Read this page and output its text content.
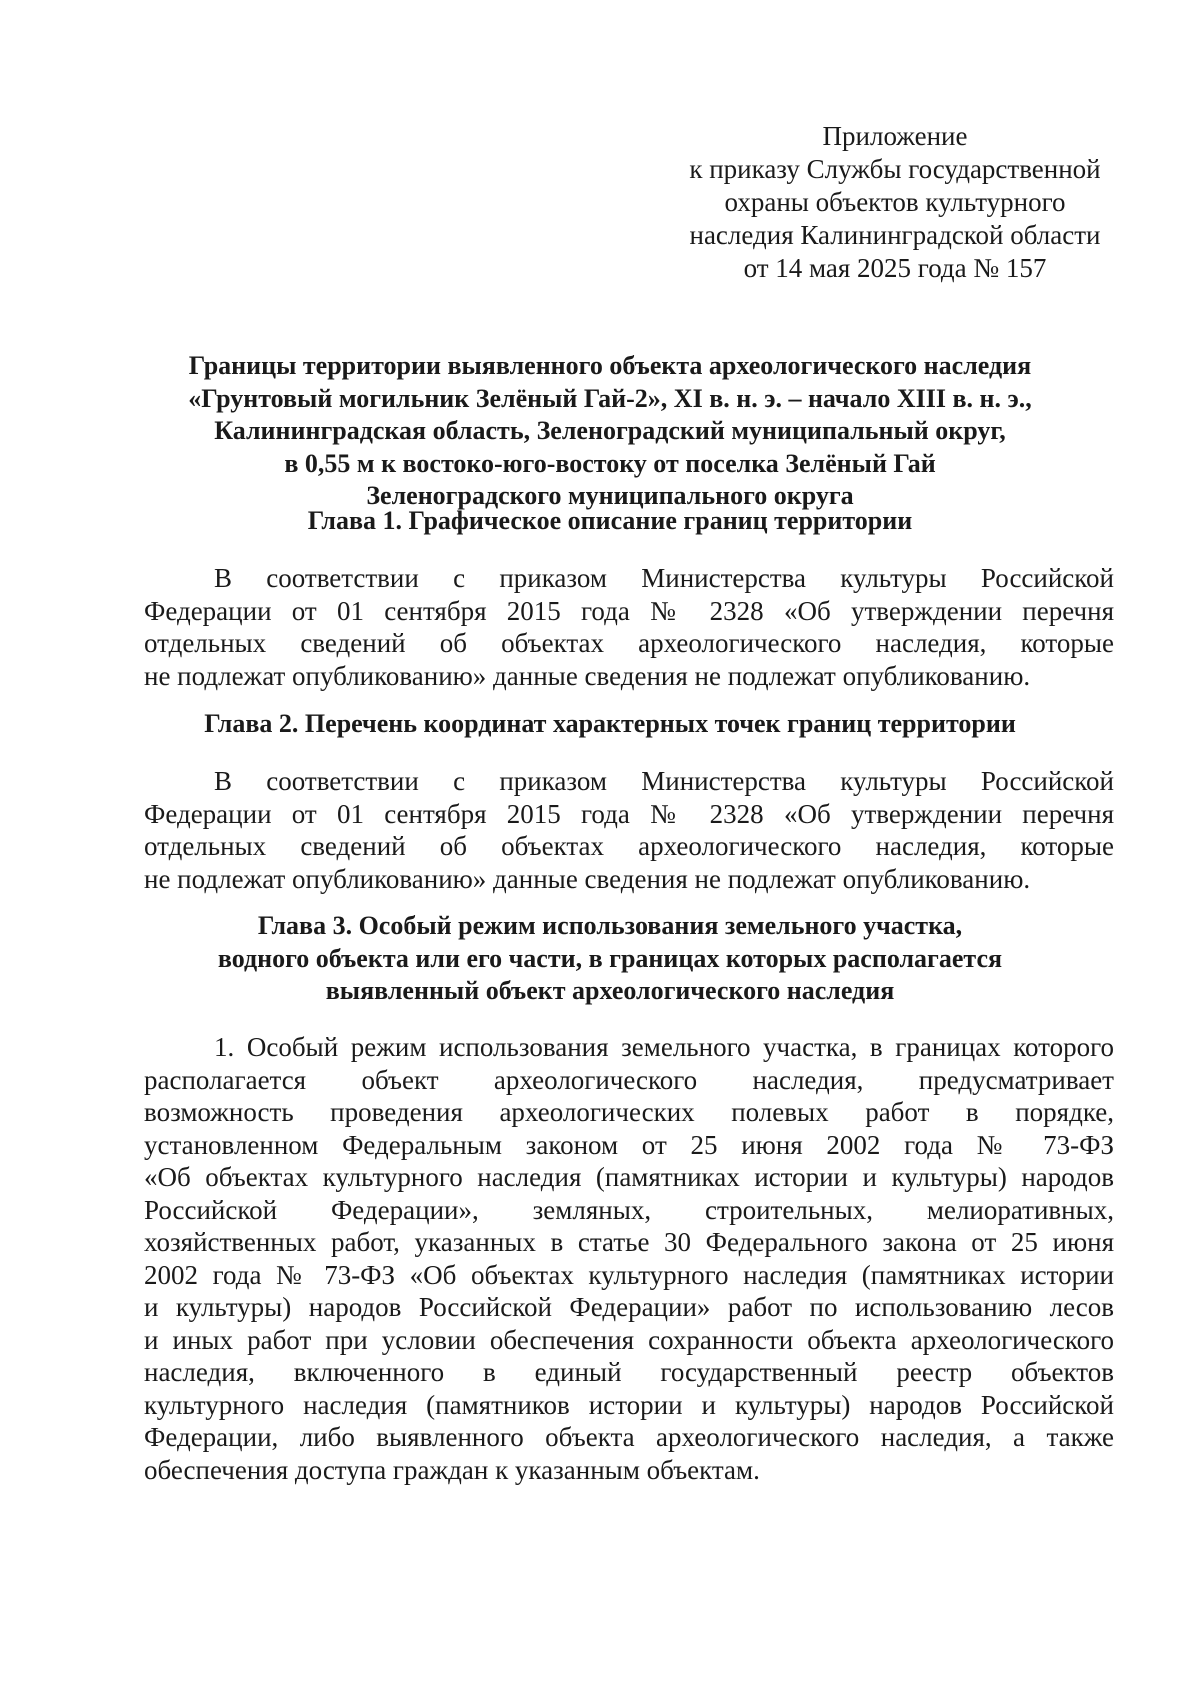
Приложение
к приказу Службы государственной
охраны объектов культурного
наследия Калининградской области
от 14 мая 2025 года № 157
Границы территории выявленного объекта археологического наследия
«Грунтовый могильник Зелёный Гай-2», XI в. н. э. – начало XIII в. н. э.,
Калининградская область, Зеленоградский муниципальный округ,
в 0,55 м к востоко-юго-востоку от поселка Зелёный Гай
Зеленоградского муниципального округа
Глава 1. Графическое описание границ территории
В соответствии с приказом Министерства культуры Российской
Федерации от 01 сентября 2015 года № 2328 «Об утверждении перечня
отдельных сведений об объектах археологического наследия, которые
не подлежат опубликованию» данные сведения не подлежат опубликованию.
Глава 2. Перечень координат характерных точек границ территории
В соответствии с приказом Министерства культуры Российской
Федерации от 01 сентября 2015 года № 2328 «Об утверждении перечня
отдельных сведений об объектах археологического наследия, которые
не подлежат опубликованию» данные сведения не подлежат опубликованию.
Глава 3. Особый режим использования земельного участка,
водного объекта или его части, в границах которых располагается
выявленный объект археологического наследия
1. Особый режим использования земельного участка, в границах которого
располагается объект археологического наследия, предусматривает
возможность проведения археологических полевых работ в порядке,
установленном Федеральным законом от 25 июня 2002 года № 73-ФЗ
«Об объектах культурного наследия (памятниках истории и культуры) народов
Российской Федерации», земляных, строительных, мелиоративных,
хозяйственных работ, указанных в статье 30 Федерального закона от 25 июня
2002 года № 73-ФЗ «Об объектах культурного наследия (памятниках истории
и культуры) народов Российской Федерации» работ по использованию лесов
и иных работ при условии обеспечения сохранности объекта археологического
наследия, включенного в единый государственный реестр объектов
культурного наследия (памятников истории и культуры) народов Российской
Федерации, либо выявленного объекта археологического наследия, а также
обеспечения доступа граждан к указанным объектам.
